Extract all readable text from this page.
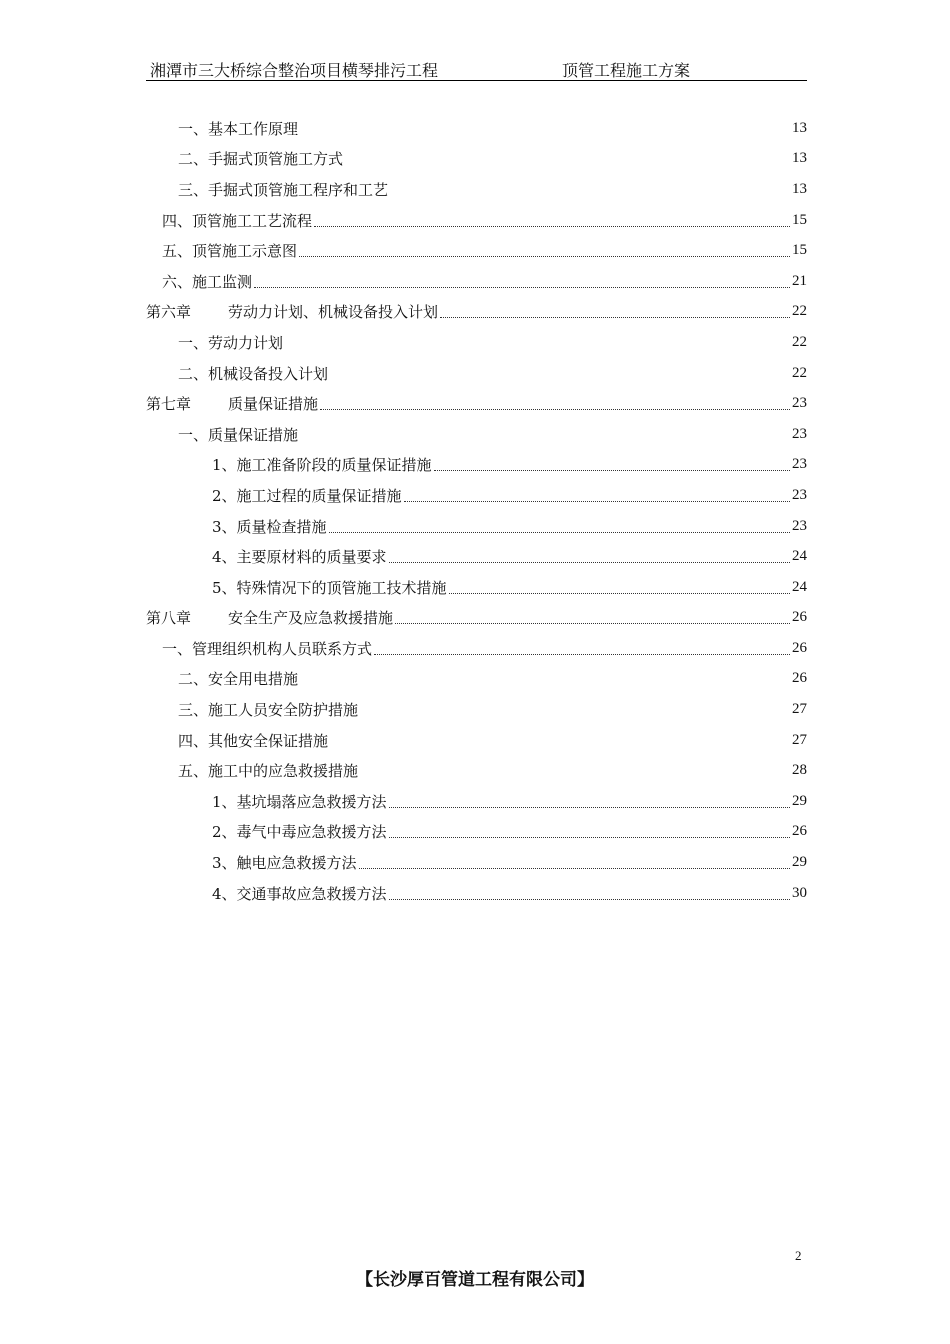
湘潭市三大桥综合整治项目横琴排污工程	顶管工程施工方案
一、基本工作原理	13
二、手掘式顶管施工方式	13
三、手掘式顶管施工程序和工艺	13
四、顶管施工工艺流程	15
五、顶管施工示意图	15
六、施工监测	21
第六章 劳动力计划、机械设备投入计划	22
一、劳动力计划	22
二、机械设备投入计划	22
第七章 质量保证措施	23
一、质量保证措施	23
1、施工准备阶段的质量保证措施	23
2、施工过程的质量保证措施	23
3、质量检查措施	23
4、主要原材料的质量要求	24
5、特殊情况下的顶管施工技术措施	24
第八章 安全生产及应急救援措施	26
一、管理组织机构人员联系方式	26
二、安全用电措施	26
三、施工人员安全防护措施	27
四、其他安全保证措施	27
五、施工中的应急救援措施	28
1、基坑塌落应急救援方法	29
2、毒气中毒应急救援方法	26
3、触电应急救援方法	29
4、交通事故应急救援方法	30
2
【长沙厚百管道工程有限公司】
